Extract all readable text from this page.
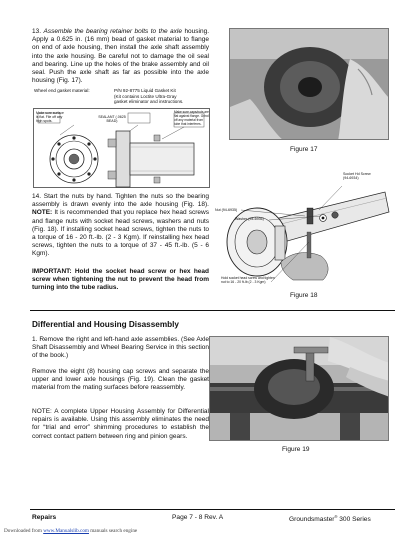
13. Assemble the bearing retainer bolts to the axle housing. Apply a 0.625 in. (16 mm) bead of gasket material to flange on end of axle housing, then install the axle shaft assembly into the axle housing. Be careful not to damage the oil seal and bearing. Line up the holes of the brake assembly and oil seal. Push the axle shaft as far as possible into the axle housing (Fig. 17).
Wheel end gasket material:	P/N 92-8775 Liquid Gasket Kit
(Kit contains Loctite Ultra-Gray
gasket eliminator and instructions.
Make sure surface is flat. File off any high spots.
SEALANT (.0625 BEAD)
Make sure caps/nuts are flat against flange. Grind off any material from tube that interferes.
Figure 17
14. Start the nuts by hand. Tighten the nuts so the bearing assembly is drawn evenly into the axle housing (Fig. 18). NOTE: It is recommended that you replace hex head screws and flange nuts with socket head screws, washers and nuts (Fig. 18). If installing socket head screws, tighten the nuts to a torque of 16 - 20 ft.-lb. (2 - 3 Kgm). If reinstalling hex head screws, tighten the nuts to a torque of 37 - 45 ft.-lb. (5 - 6 Kgm).
IMPORTANT: Hold the socket head screw or hex head screw when tightening the nut to prevent the head from turning into the tube radius.
Socket Hd Screw
(94-6934)
Nut (94-6935)
Washer (94-6936)
Hold socket head screw and tighten
nut to 16 - 20 ft-lb (2 - 3 Kgm)
Figure 18
Differential and Housing Disassembly
1. Remove the right and left-hand axle assemblies. (See Axle Shaft Disassembly and Wheel Bearing Service in this section of the book.)
Remove the eight (8) housing cap screws and separate the upper and lower axle housings (Fig. 19). Clean the gasket material from the mating surfaces before reassembly.
NOTE: A complete Upper Housing Assembly for Differential repairs is available. Using this assembly eliminates the need for “trial and error” shimming procedures to establish the correct contact pattern between ring and pinion gears.
Figure 19
Repairs	Page 7 - 8 Rev. A	Groundsmaster® 300 Series
Downloaded from www.Manualslib.com manuals search engine
